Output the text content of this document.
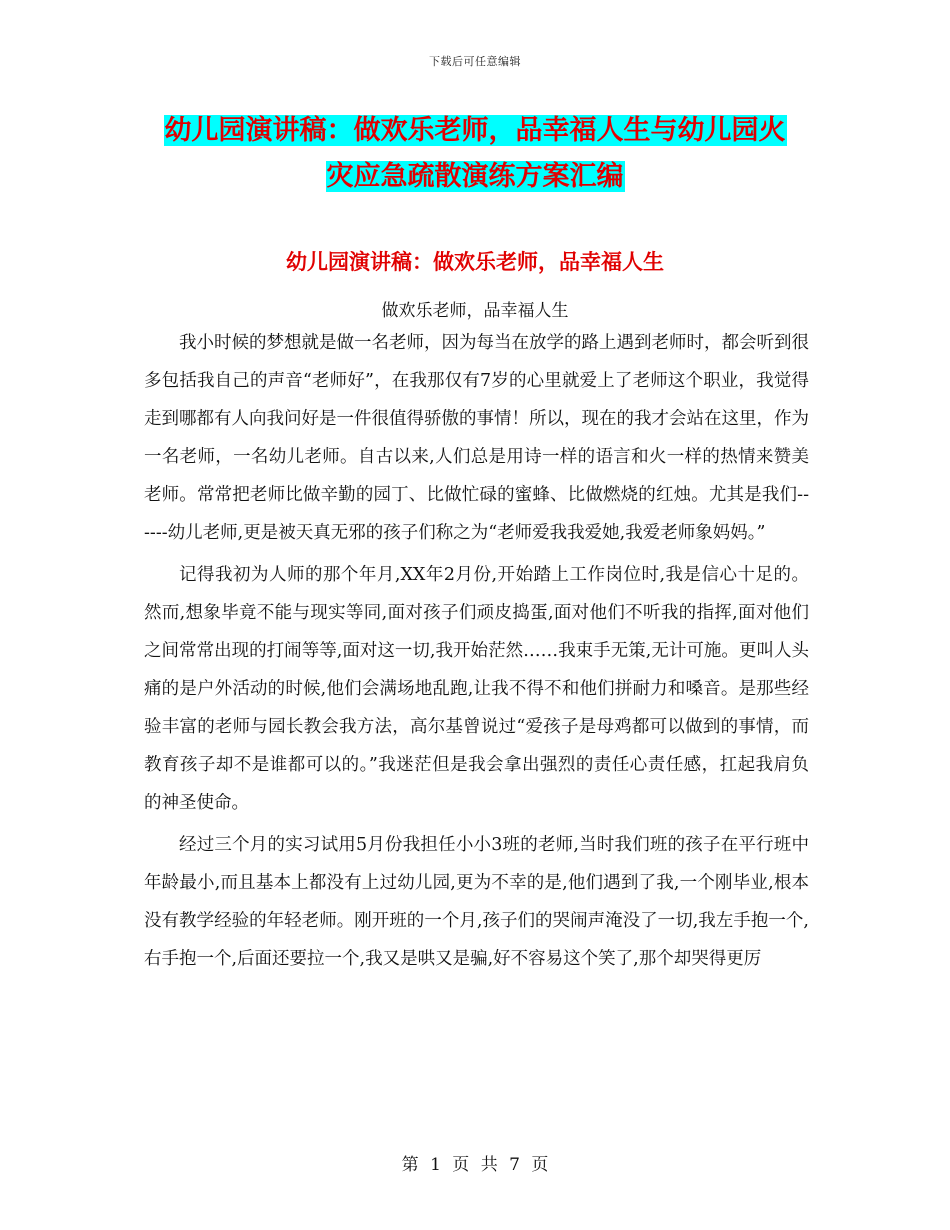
下载后可任意编辑
幼儿园演讲稿：做欢乐老师，品幸福人生与幼儿园火
灾应急疏散演练方案汇编
幼儿园演讲稿：做欢乐老师，品幸福人生
做欢乐老师，品幸福人生

我小时候的梦想就是做一名老师，因为每当在放学的路上遇到老师时，都会听到很多包括我自己的声音“老师好”，在我那仅有7岁的心里就爱上了老师这个职业，我觉得走到哪都有人向我问好是一件很值得骄傲的事情！所以，现在的我才会站在这里，作为一名老师，一名幼儿老师。自古以来,人们总是用诗一样的语言和火一样的热情来赞美老师。常常把老师比做辛勤的园丁、比做忙碌的蜜蜂、比做燃烧的红烛。尤其是我们------幼儿老师,更是被天真无邪的孩子们称之为“老师爱我我爱她,我爱老师象妈妈。”

记得我初为人师的那个年月,XX年2月份,开始踏上工作岗位时,我是信心十足的。然而,想象毕竟不能与现实等同,面对孩子们顽皮捣蛋,面对他们不听我的指挥,面对他们之间常常出现的打闹等等,面对这一切,我开始茫然……我束手无策,无计可施。更叫人头痛的是户外活动的时候,他们会满场地乱跑,让我不得不和他们拼耐力和嗓音。是那些经验丰富的老师与园长教会我方法，高尔基曾说过“爱孩子是母鸡都可以做到的事情，而教育孩子却不是谁都可以的。”我迷茫但是我会拿出强烈的责任心责任感，扛起我肩负的神圣使命。

经过三个月的实习试用5月份我担任小小3班的老师,当时我们班的孩子在平行班中年龄最小,而且基本上都没有上过幼儿园,更为不幸的是,他们遇到了我,一个刚毕业,根本没有教学经验的年轻老师。刚开班的一个月,孩子们的哭闹声淹没了一切,我左手抱一个,右手抱一个,后面还要拉一个,我又是哄又是骗,好不容易这个笑了,那个却哭得更厉

第 1 页 共 7 页
